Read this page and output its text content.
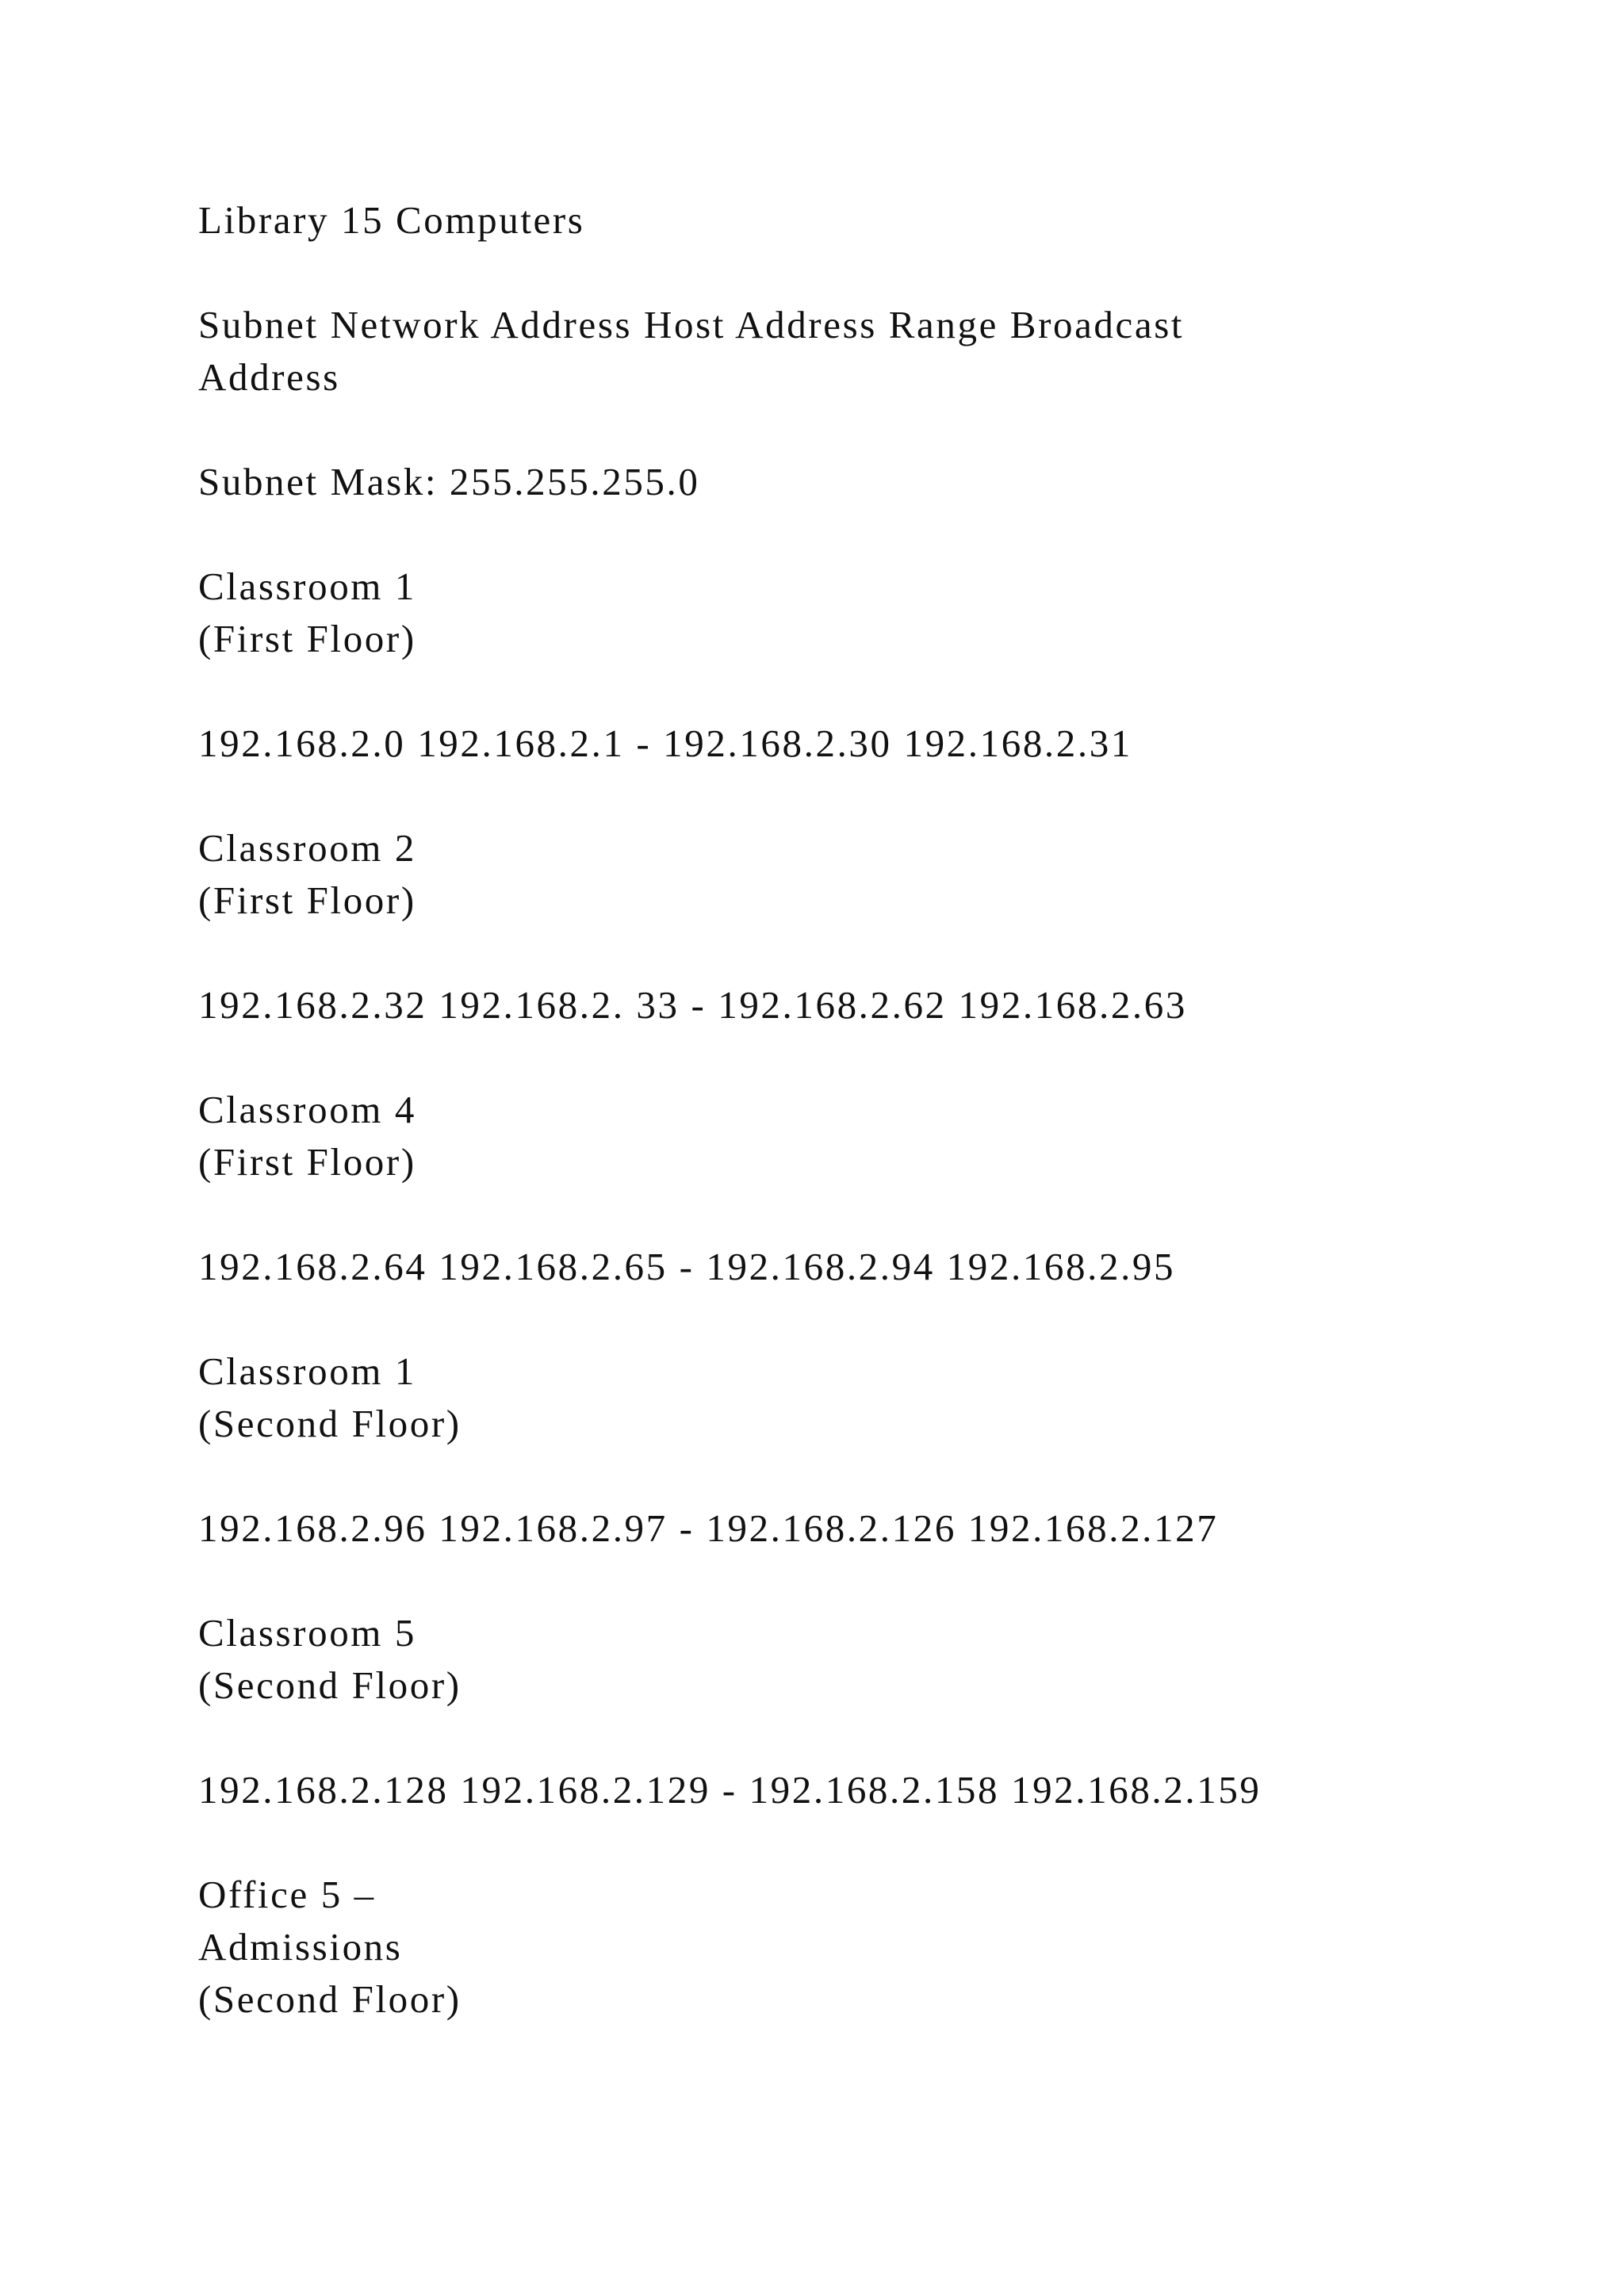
Library 15 Computers

Subnet Network Address Host Address Range Broadcast
Address

Subnet Mask: 255.255.255.0

Classroom 1
(First Floor)

192.168.2.0 192.168.2.1 - 192.168.2.30 192.168.2.31

Classroom 2
(First Floor)

192.168.2.32 192.168.2. 33 - 192.168.2.62 192.168.2.63

Classroom 4
(First Floor)

192.168.2.64 192.168.2.65 - 192.168.2.94 192.168.2.95

Classroom 1
(Second Floor)

192.168.2.96 192.168.2.97 - 192.168.2.126 192.168.2.127

Classroom 5
(Second Floor)

192.168.2.128 192.168.2.129 - 192.168.2.158 192.168.2.159

Office 5 –
Admissions
(Second Floor)
